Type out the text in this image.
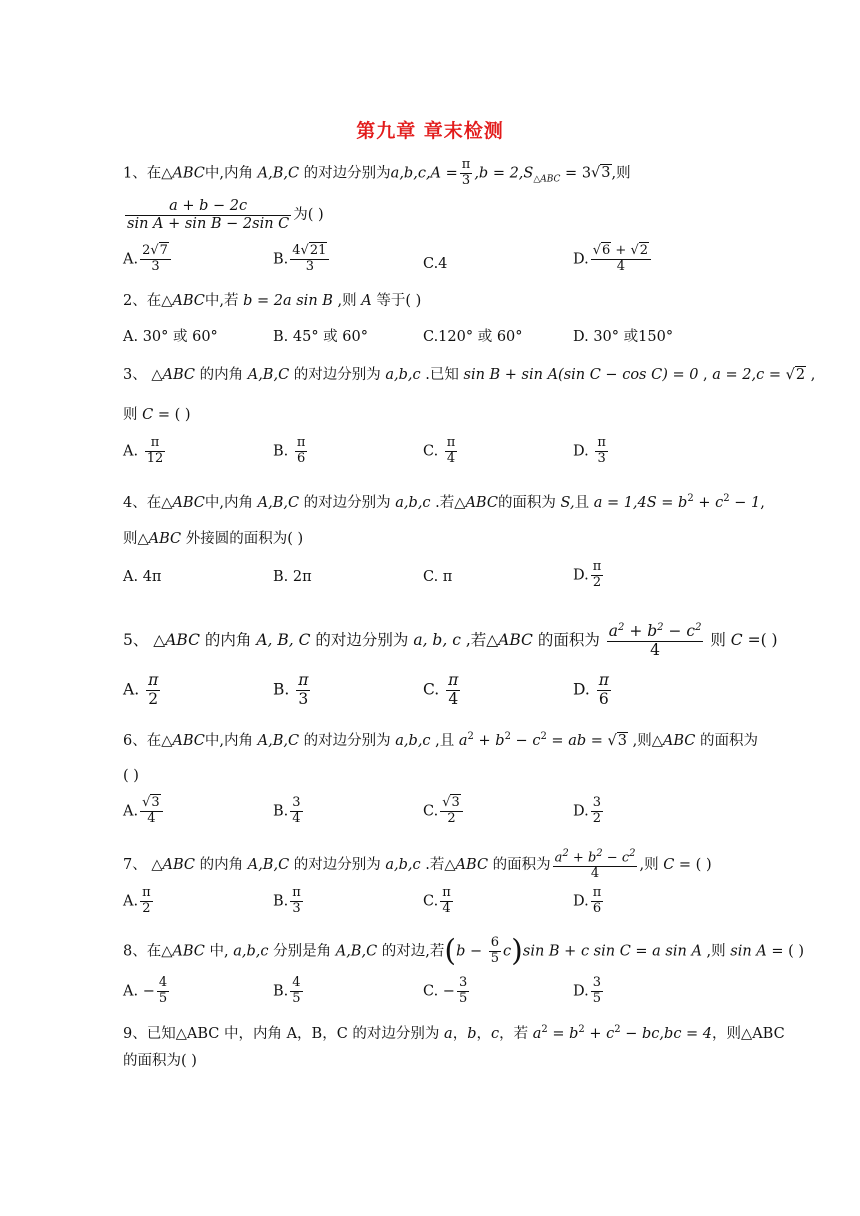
第九章 章末检测
1、在△ABC中,内角 A,B,C 的对边分别为$a,b,c,A = \frac{\pi}{3} ,b = 2,S_{\triangle ABC} = 3√3$,则
$\frac{a + b - 2c}{\text{sin A + sin B − 2sin C}}$ 为( )
A. $\frac{2√7}{3}$	B. $\frac{4√21}{3}$	C.4	D. $\frac{√6 + √2}{4}$
2、在△ABC中,若 b = 2a sin B ,则 A 等于( )
A. 30° 或 60°	B. 45° 或 60°	C.120° 或 60°	D. 30° 或150°
3、 △ABC 的内角 A,B,C 的对边分别为 a,b,c .已知 sin B + sin A(sin C − cos C) = 0 , a = 2,c = √2 ,
则 C = ( )
A. $\frac{\pi}{12}$	B. $\frac{\pi}{6}$	C. $\frac{\pi}{4}$	D. $\frac{\pi}{3}$
4、在△ABC中,内角 A,B,C 的对边分别为 a,b,c .若△ABC的面积为 S,且 $a = 1,4S = b^2 + c^2 - 1$,
则△ABC 外接圆的面积为( )
A. 4π	B. 2π	C. π	D. $\frac{\pi}{2}$
5、 △ABC 的内角 A, B, C 的对边分别为 a, b, c ,若△ABC 的面积为 $\frac{a^2 + b^2 - c^2}{4}$ 则 C =( )
A. $\frac{\pi}{2}$	B. $\frac{\pi}{3}$	C. $\frac{\pi}{4}$	D. $\frac{\pi}{6}$
6、在△ABC中,内角 A,B,C 的对边分别为 a,b,c ,且 $a^2 + b^2 - c^2$ = ab = √3 ,则△ABC 的面积为
( )
A. $\frac{√3}{4}$	B. $\frac{3}{4}$	C. $\frac{√3}{2}$	D. $\frac{3}{2}$
7、 △ABC 的内角 A,B,C 的对边分别为 a,b,c .若△ABC 的面积为 $\frac{a^2 + b^2 - c^2}{4}$ ,则 C = ( )
A. $\frac{\pi}{2}$	B. $\frac{\pi}{3}$	C. $\frac{\pi}{4}$	D. $\frac{\pi}{6}$
8、在△ABC 中, a,b,c 分别是角 A,B,C 的对边,若$(b - \frac{6}{5} c)\sin$ B + c sin C = a sin A ,则 sin A = ( )
A. − $\frac{4}{5}$	B. $\frac{4}{5}$	C. − $\frac{3}{5}$	D. $\frac{3}{5}$
9、已知△ABC 中，内角 A，B，C 的对边分别为 a，b，c，若 $a^2 = b^2 + c^2 - bc,bc = 4$，则△ABC
的面积为( )
